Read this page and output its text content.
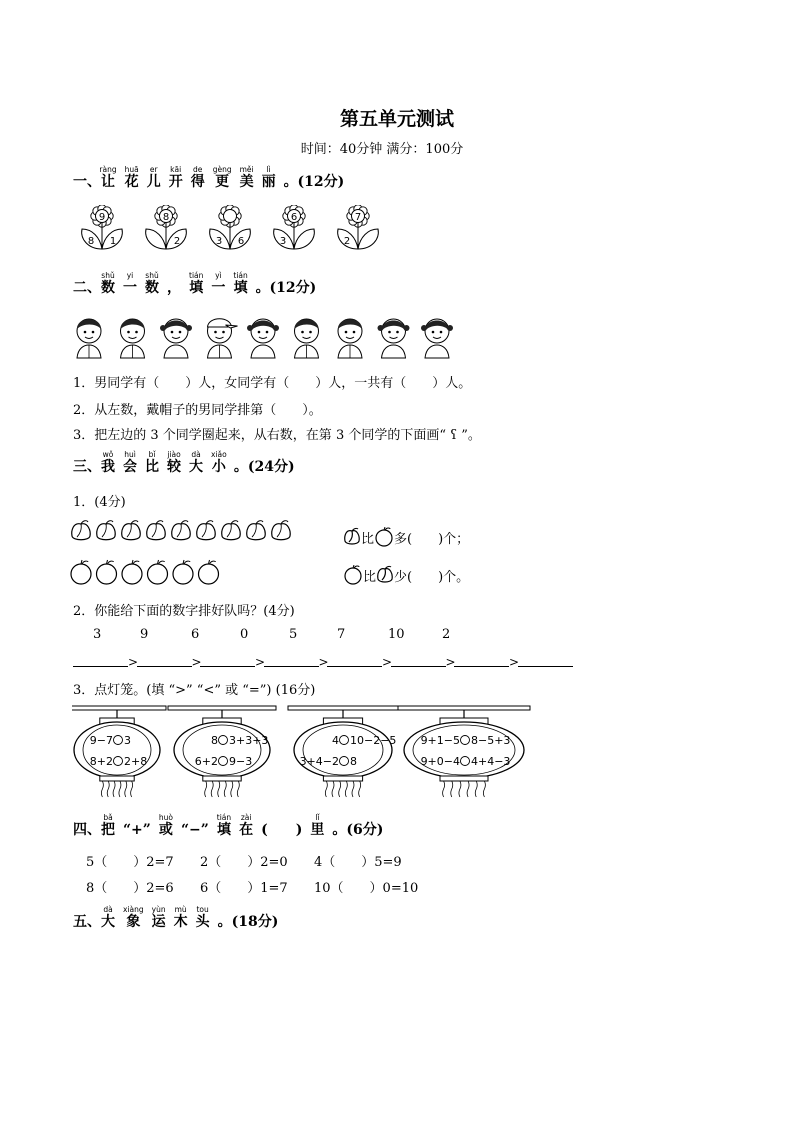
第五单元测试
时间：40分钟 满分：100分
一、让ràng花huā儿er开kāi得de更gèng美měi丽lì。(12分)
9
8 1
8
2	3 6
6
3
7
2
二、数shǔ一yi数shǔ， 填tián一yì填tián。(12分)
1．男同学有（　　）人，女同学有（　　）人，一共有（　　）人。
2．从左数，戴帽子的男同学排第（　　）。
3．把左边的 3 个同学圈起来，从右数，在第 3 个同学的下面画“ ʕ ”。
三、我wǒ会huì比bǐ较jiào大dà小xiǎo。(24分)
1．(4分)
比 多(　　)个；
比 少(　　)个。
2．你能给下面的数字排好队吗？(4分)
3	9	6	0	5	7	10	2
>	>	>	>	>	>	>
3．点灯笼。(填 “>” “<” 或 “=”) (16分)
9−7 3
8+2 2+8
8 3+3+3
6+2 9−3
4 10−2−5
3+4−2 8
9+1−5 8−5+3
9+0−4 4+4−3
四、把bǎ“+” 或huò“−” 填tián在zài(　　) 里lǐ。(6分)
5（　　）2=7 2（　　）2=0 4（　　）5=9
8（　　）2=6 6（　　）1=7 10（　　）0=10
五、大dà象xiàng运yùn木mù头tou。(18分)
